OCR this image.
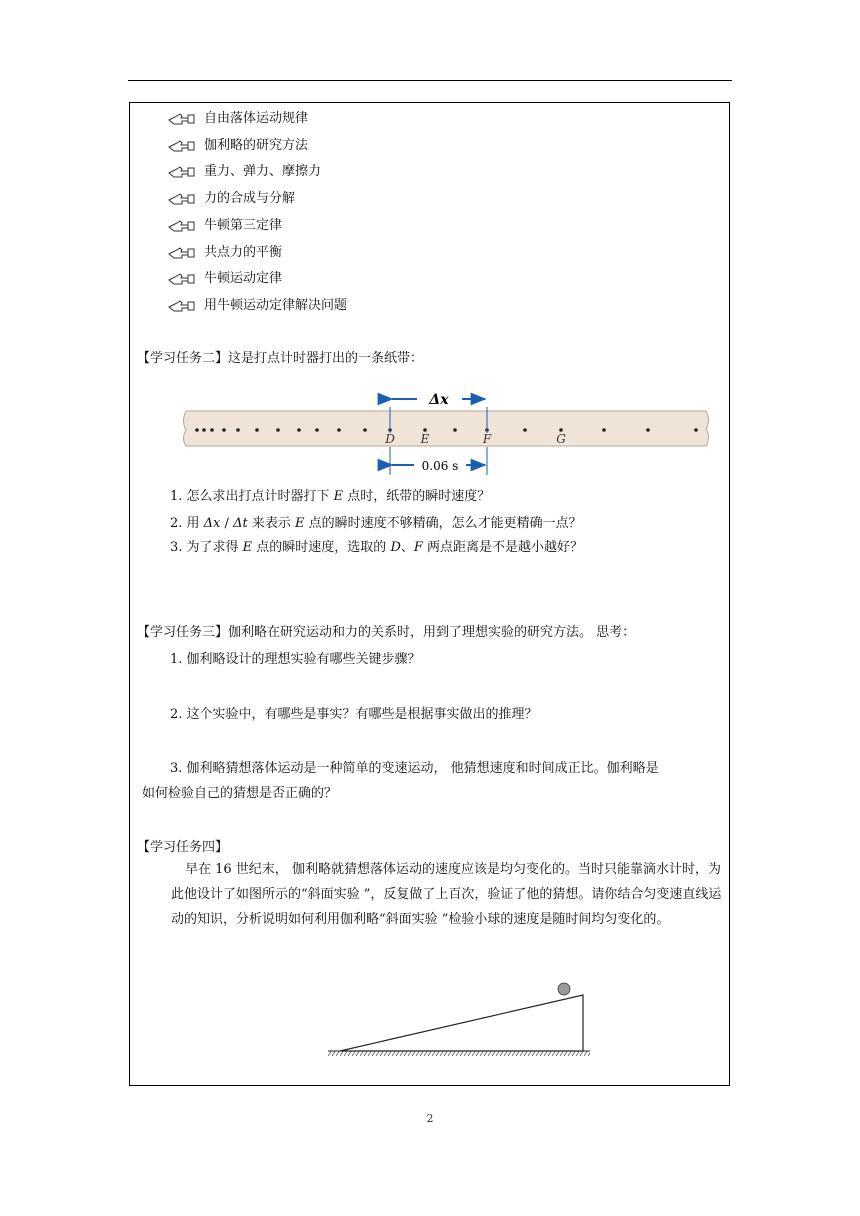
自由落体运动规律
伽利略的研究方法
重力、弹力、摩擦力
力的合成与分解
牛顿第三定律
共点力的平衡
牛顿运动定律
用牛顿运动定律解决问题
【学习任务二】这是打点计时器打出的一条纸带：
Δx
D E	F	G
0.06 s
1. 怎么求出打点计时器打下 E 点时，纸带的瞬时速度？
2. 用 Δx / Δt 来表示 E 点的瞬时速度不够精确，怎么才能更精确一点？
3. 为了求得 E 点的瞬时速度，选取的 D、F 两点距离是不是越小越好？
【学习任务三】伽利略在研究运动和力的关系时，用到了理想实验的研究方法。 思考：
1. 伽利略设计的理想实验有哪些关键步骤？
2. 这个实验中，有哪些是事实？有哪些是根据事实做出的推理？
3. 伽利略猜想落体运动是一种简单的变速运动， 他猜想速度和时间成正比。伽利略是
如何检验自己的猜想是否正确的？
【学习任务四】
早在 16 世纪末， 伽利略就猜想落体运动的速度应该是均匀变化的。当时只能靠滴水计时，为此他设计了如图所示的“斜面实验 ”，反复做了上百次，验证了他的猜想。请你结合匀变速直线运动的知识，分析说明如何利用伽利略“斜面实验 ”检验小球的速度是随时间均匀变化的。
2
